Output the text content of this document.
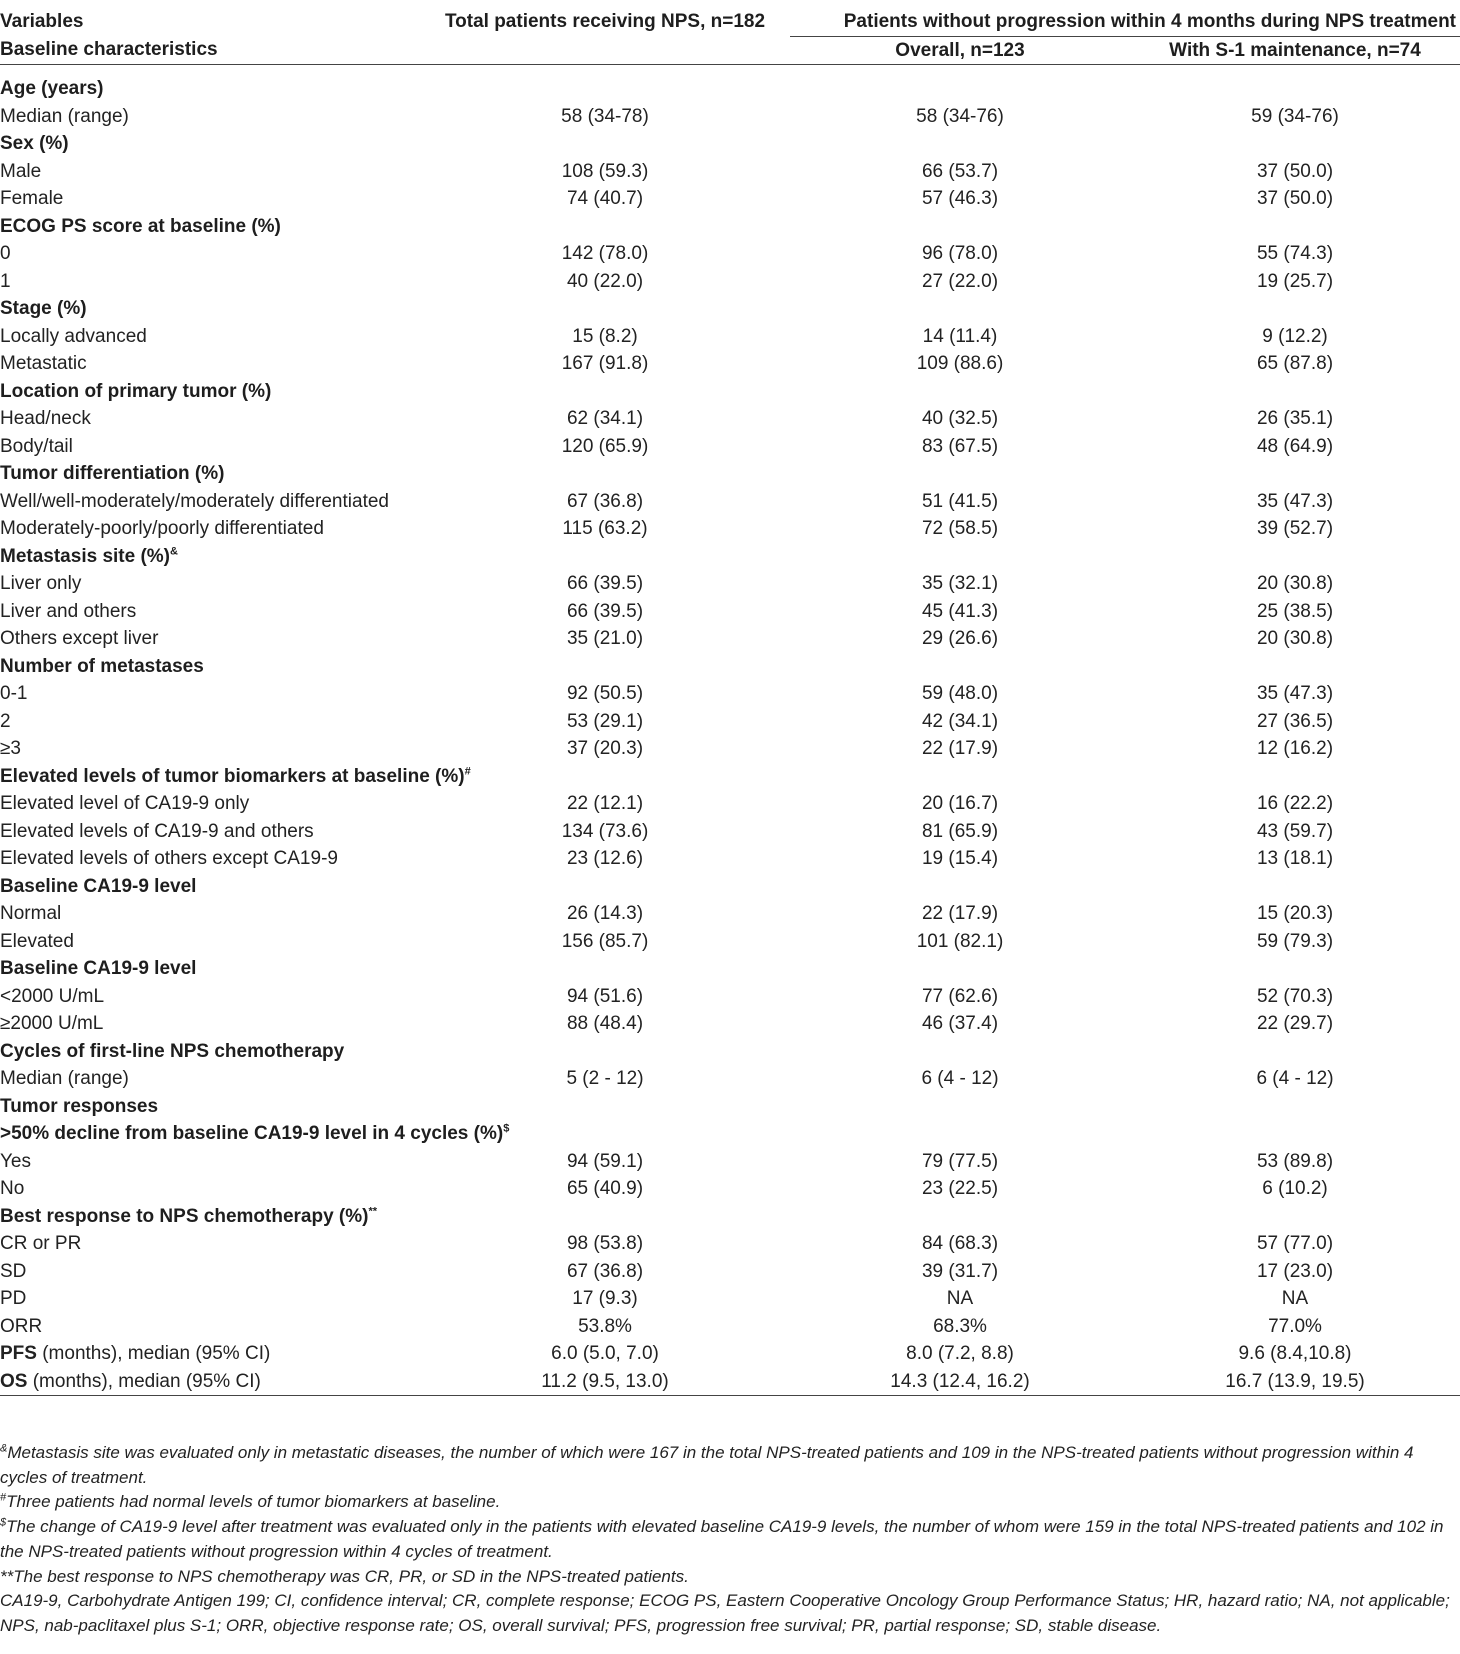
Variables	Total patients receiving NPS, n=182	Patients without progression within 4 months during NPS treatment	
Baseline characteristics		Overall, n=123	With S-1 maintenance, n=74

Age (years)			
Median (range)	58 (34-78)	58 (34-76)	59 (34-76)
Sex (%)			
Male	108 (59.3)	66 (53.7)	37 (50.0)
Female	74 (40.7)	57 (46.3)	37 (50.0)
ECOG PS score at baseline (%)			
0	142 (78.0)	96 (78.0)	55 (74.3)
1	40 (22.0)	27 (22.0)	19 (25.7)
Stage (%)			
Locally advanced	15 (8.2)	14 (11.4)	9 (12.2)
Metastatic	167 (91.8)	109 (88.6)	65 (87.8)
Location of primary tumor (%)			
Head/neck	62 (34.1)	40 (32.5)	26 (35.1)
Body/tail	120 (65.9)	83 (67.5)	48 (64.9)
Tumor differentiation (%)			
Well/well-moderately/moderately differentiated	67 (36.8)	51 (41.5)	35 (47.3)
Moderately-poorly/poorly differentiated	115 (63.2)	72 (58.5)	39 (52.7)
Metastasis site (%)&
Liver only	66 (39.5)	35 (32.1)	20 (30.8)
Liver and others	66 (39.5)	45 (41.3)	25 (38.5)
Others except liver	35 (21.0)	29 (26.6)	20 (30.8)
Number of metastases			
0-1	92 (50.5)	59 (48.0)	35 (47.3)
2	53 (29.1)	42 (34.1)	27 (36.5)
≥3	37 (20.3)	22 (17.9)	12 (16.2)
Elevated levels of tumor biomarkers at baseline (%)#
Elevated level of CA19-9 only	22 (12.1)	20 (16.7)	16 (22.2)
Elevated levels of CA19-9 and others	134 (73.6)	81 (65.9)	43 (59.7)
Elevated levels of others except CA19-9	23 (12.6)	19 (15.4)	13 (18.1)
Baseline CA19-9 level			
Normal	26 (14.3)	22 (17.9)	15 (20.3)
Elevated	156 (85.7)	101 (82.1)	59 (79.3)
Baseline CA19-9 level			
<2000 U/mL	94 (51.6)	77 (62.6)	52 (70.3)
≥2000 U/mL	88 (48.4)	46 (37.4)	22 (29.7)
Cycles of first-line NPS chemotherapy			
Median (range)	5 (2 - 12)	6 (4 - 12)	6 (4 - 12)
Tumor responses			
>50% decline from baseline CA19-9 level in 4 cycles (%)$
Yes	94 (59.1)	79 (77.5)	53 (89.8)
No	65 (40.9)	23 (22.5)	6 (10.2)
Best response to NPS chemotherapy (%)**
CR or PR	98 (53.8)	84 (68.3)	57 (77.0)
SD	67 (36.8)	39 (31.7)	17 (23.0)
PD	17 (9.3)	NA	NA
ORR	53.8%	68.3%	77.0%
PFS (months), median (95% CI)	6.0 (5.0, 7.0)	8.0 (7.2, 8.8)	9.6 (8.4,10.8)
OS (months), median (95% CI)	11.2 (9.5, 13.0)	14.3 (12.4, 16.2)	16.7 (13.9, 19.5)

&Metastasis site was evaluated only in metastatic diseases, the number of which were 167 in the total NPS-treated patients and 109 in the NPS-treated patients without progression within 4 cycles of treatment.

#Three patients had normal levels of tumor biomarkers at baseline.

$The change of CA19-9 level after treatment was evaluated only in the patients with elevated baseline CA19-9 levels, the number of whom were 159 in the total NPS-treated patients and 102 in the NPS-treated patients without progression within 4 cycles of treatment.

**The best response to NPS chemotherapy was CR, PR, or SD in the NPS-treated patients.

CA19-9, Carbohydrate Antigen 199; CI, confidence interval; CR, complete response; ECOG PS, Eastern Cooperative Oncology Group Performance Status; HR, hazard ratio; NA, not applicable; NPS, nab-paclitaxel plus S-1; ORR, objective response rate; OS, overall survival; PFS, progression free survival; PR, partial response; SD, stable disease.
